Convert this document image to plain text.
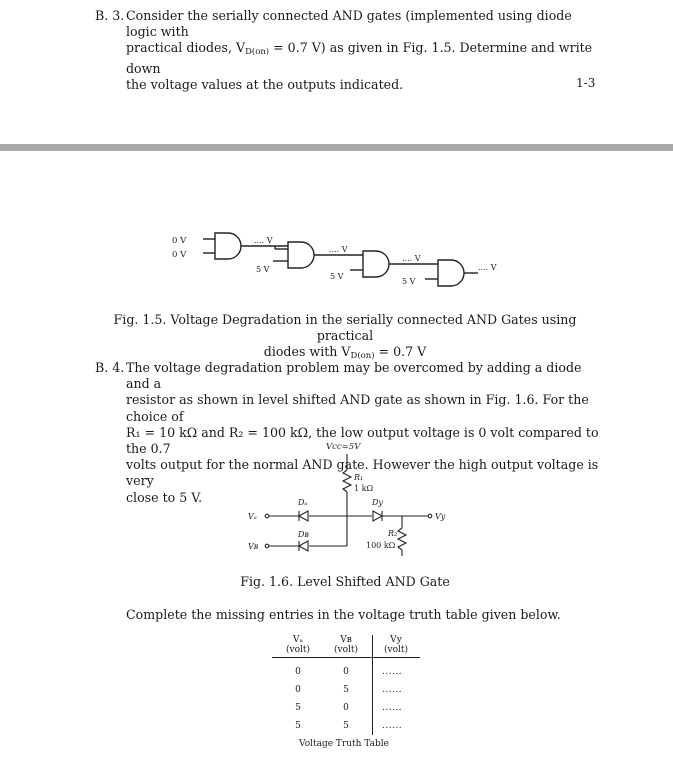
B. 3. Consider the serially connected AND gates (implemented using diode logic with
practical diodes, $V_{D(on)} = 0.7$ V) as given in Fig. 1.5. Determine and write down
the voltage values at the outputs indicated.	1-3
0 V
0 V
.... V
5 V
.... V
5 V
.... V
5 V
.... V
Fig. 1.5. Voltage Degradation in the serially connected AND Gates using practical
diodes with $V_{D(on)} = 0.7$ V
B. 4. The voltage degradation problem may be overcomed by adding a diode and a
resistor as shown in level shifted AND gate as shown in Fig. 1.6. For the choice of
R₁ = 10 kΩ and R₂ = 100 kΩ, the low output voltage is 0 volt compared to the 0.7
volts output for the normal AND gate. However the high output voltage is very
close to 5 V.
Vcc=5V
R₁
1 kΩ
Dₐ
Dʙ
Dу
Vₐ
Vʙ
Vу
R₂
100 kΩ
Fig. 1.6. Level Shifted AND Gate
Complete the missing entries in the voltage truth table given below.
Vₐ
(volt)
Vʙ
(volt)
Vу
(volt)
0	0	......
0	5	......
5	0	......
5	5	......
Voltage Truth Table
